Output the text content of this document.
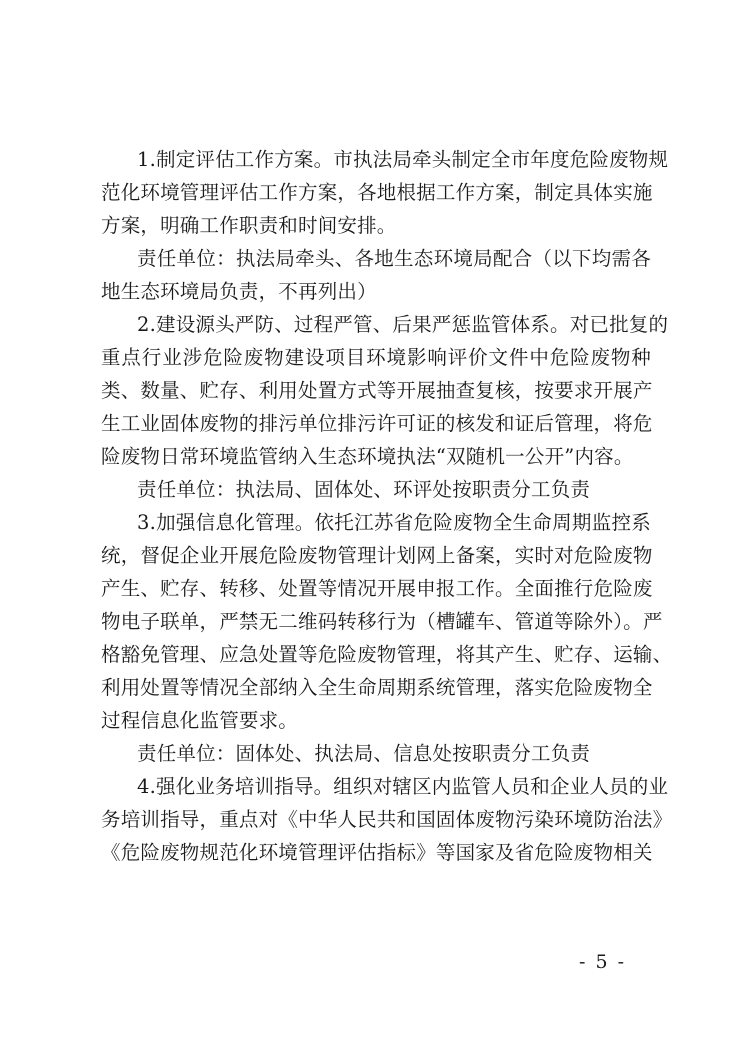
1.制定评估工作方案。市执法局牵头制定全市年度危险废物规
范化环境管理评估工作方案，各地根据工作方案，制定具体实施
方案，明确工作职责和时间安排。
责任单位：执法局牵头、各地生态环境局配合（以下均需各
地生态环境局负责，不再列出）
2.建设源头严防、过程严管、后果严惩监管体系。对已批复的
重点行业涉危险废物建设项目环境影响评价文件中危险废物种
类、数量、贮存、利用处置方式等开展抽查复核，按要求开展产
生工业固体废物的排污单位排污许可证的核发和证后管理，将危
险废物日常环境监管纳入生态环境执法“双随机一公开”内容。
责任单位：执法局、固体处、环评处按职责分工负责
3.加强信息化管理。依托江苏省危险废物全生命周期监控系
统，督促企业开展危险废物管理计划网上备案，实时对危险废物
产生、贮存、转移、处置等情况开展申报工作。全面推行危险废
物电子联单，严禁无二维码转移行为（槽罐车、管道等除外）。严
格豁免管理、应急处置等危险废物管理，将其产生、贮存、运输、
利用处置等情况全部纳入全生命周期系统管理，落实危险废物全
过程信息化监管要求。
责任单位：固体处、执法局、信息处按职责分工负责
4.强化业务培训指导。组织对辖区内监管人员和企业人员的业
务培训指导，重点对《中华人民共和国固体废物污染环境防治法》
《危险废物规范化环境管理评估指标》等国家及省危险废物相关
- 5 -
